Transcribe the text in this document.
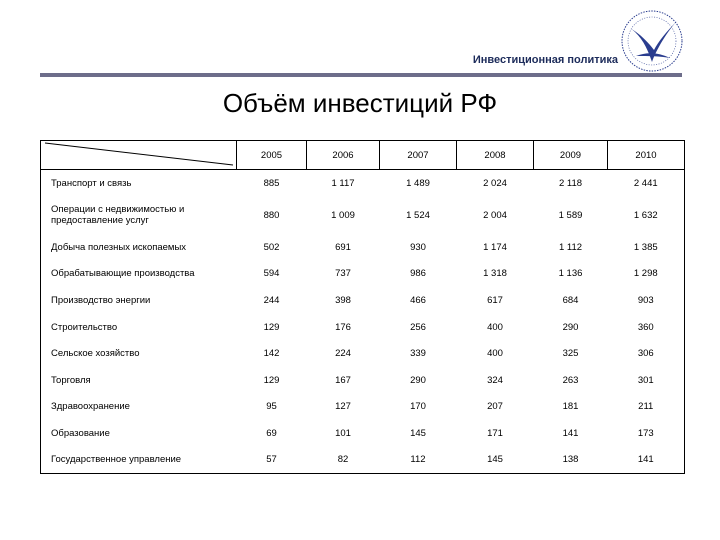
Инвестиционная политика
Объём инвестиций РФ
	2005	2006	2007	2008	2009	2010
Транспорт и связь	885	1 117	1 489	2 024	2 118	2 441
Операции с недвижимостью и предоставление услуг	880	1 009	1 524	2 004	1 589	1 632
Добыча полезных ископаемых	502	691	930	1 174	1 112	1 385
Обрабатывающие производства	594	737	986	1 318	1 136	1 298
Производство энергии	244	398	466	617	684	903
Строительство	129	176	256	400	290	360
Сельское хозяйство	142	224	339	400	325	306
Торговля	129	167	290	324	263	301
Здравоохранение	95	127	170	207	181	211
Образование	69	101	145	171	141	173
Государственное управление	57	82	112	145	138	141
